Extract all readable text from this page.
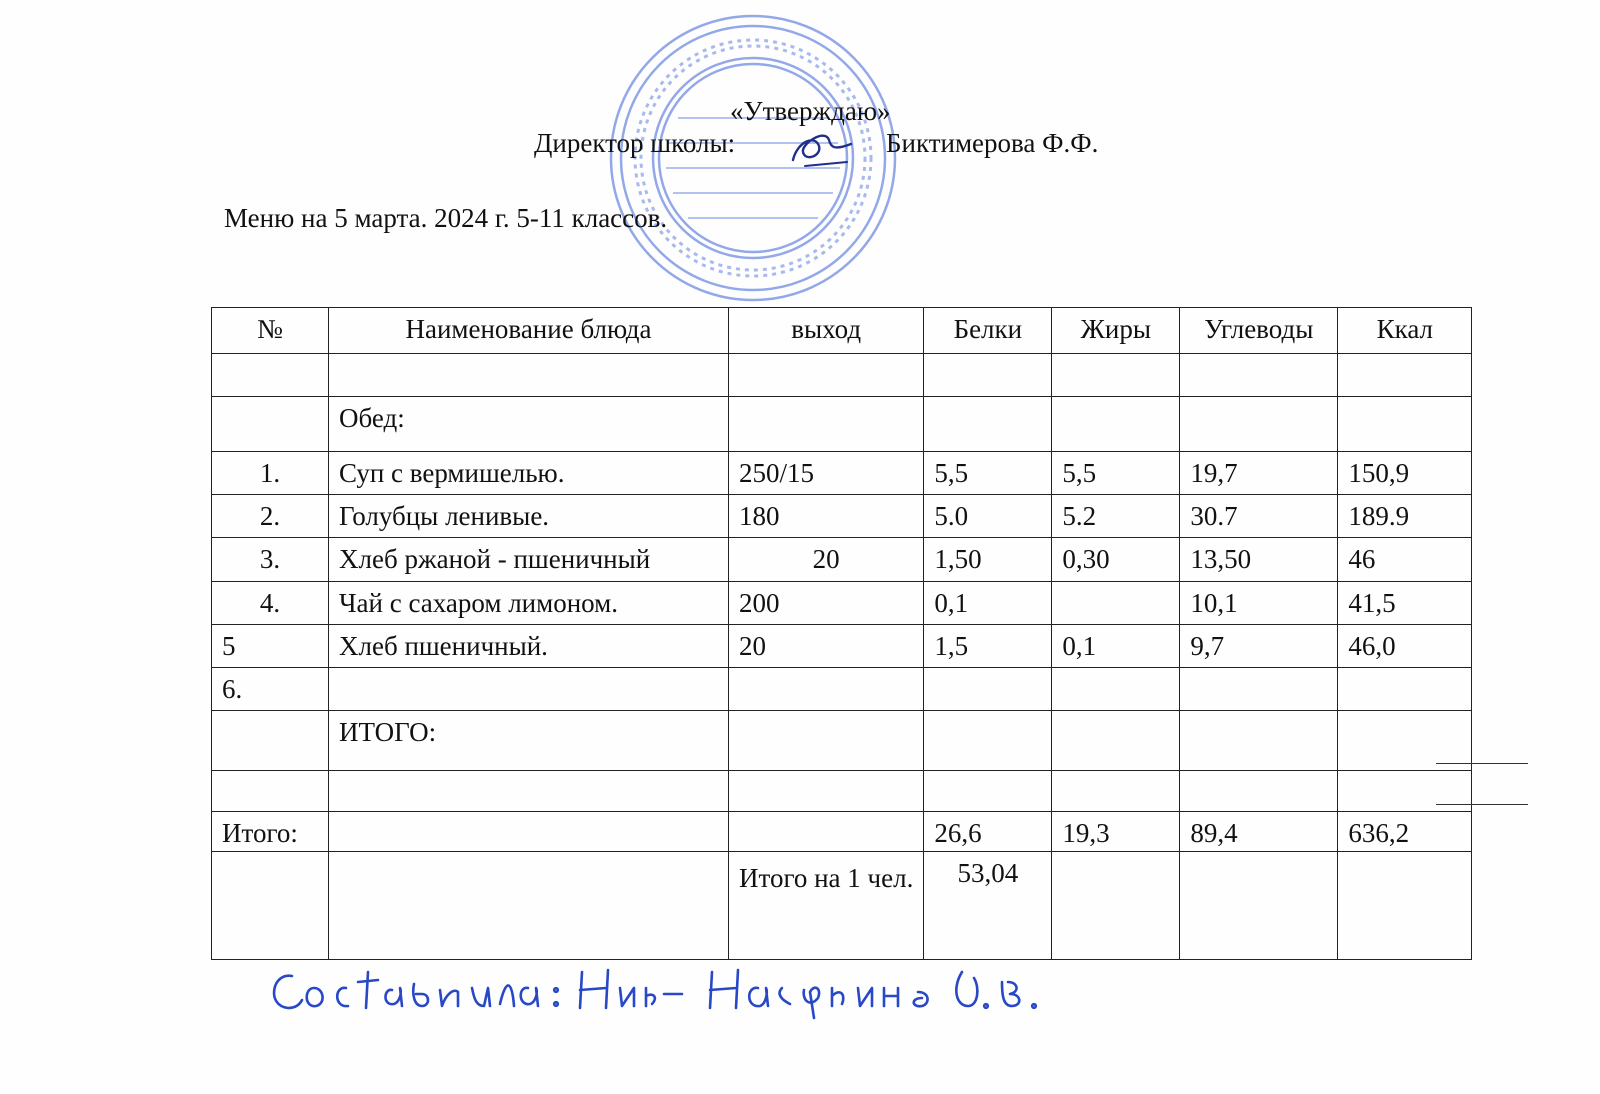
«Утверждаю»
Директор школы:	Биктимерова Ф.Ф.
Меню на 5 марта. 2024 г. 5-11 классов.
№	Наименование блюда	выход	Белки	Жиры	Углеводы	Ккал

	Обед:					
1.	Суп с вермишелью.	250/15	5,5	5,5	19,7	150,9
2.	Голубцы ленивые.	180	5.0	5.2	30.7	189.9
3.	Хлеб ржаной - пшеничный	20	1,50	0,30	13,50	46
4.	Чай с сахаром лимоном.	200	0,1		10,1	41,5
5	Хлеб пшеничный.	20	1,5	0,1	9,7	46,0
6.						
	ИТОГО:					

Итого:			26,6	19,3	89,4	636,2
		Итого на 1 чел.	53,04			
